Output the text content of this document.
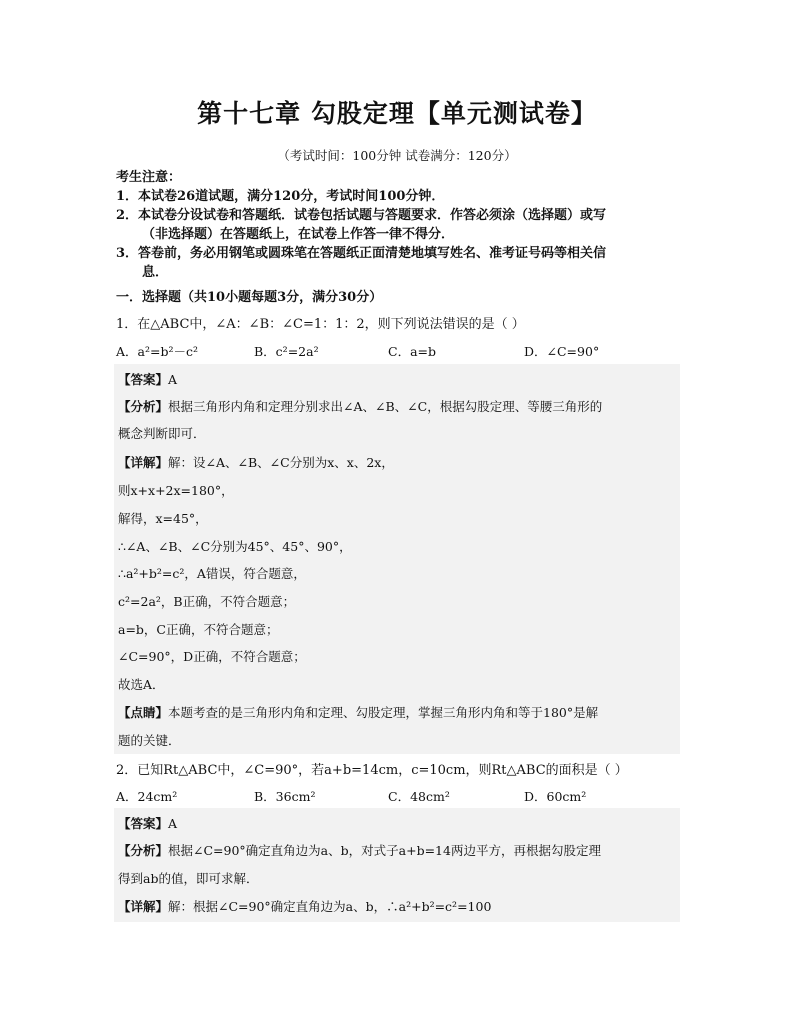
第十七章 勾股定理【单元测试卷】
（考试时间：100分钟 试卷满分：120分）
考生注意：
1．本试卷26道试题，满分120分，考试时间100分钟．
2．本试卷分设试卷和答题纸．试卷包括试题与答题要求．作答必须涂（选择题）或写
（非选择题）在答题纸上，在试卷上作答一律不得分．
3．答卷前，务必用钢笔或圆珠笔在答题纸正面清楚地填写姓名、准考证号码等相关信
息．
一．选择题（共10小题每题3分，满分30分）
1．在△ABC中，∠A：∠B：∠C=1：1：2，则下列说法错误的是（ ）
A．a²=b²－c²	B．c²=2a²	C．a=b	D．∠C=90°
【答案】A
【分析】根据三角形内角和定理分别求出∠A、∠B、∠C，根据勾股定理、等腰三角形的
概念判断即可．
【详解】解：设∠A、∠B、∠C分别为x、x、2x，
则x+x+2x=180°，
解得，x=45°，
∴∠A、∠B、∠C分别为45°、45°、90°，
∴a²+b²=c²，A错误，符合题意，
c²=2a²，B正确，不符合题意；
a=b，C正确，不符合题意；
∠C=90°，D正确，不符合题意；
故选A．
【点睛】本题考查的是三角形内角和定理、勾股定理，掌握三角形内角和等于180°是解
题的关键．
2．已知Rt△ABC中，∠C=90°，若a+b=14cm，c=10cm，则Rt△ABC的面积是（ ）
A．24cm²	B．36cm²	C．48cm²	D．60cm²
【答案】A
【分析】根据∠C=90°确定直角边为a、b，对式子a+b=14两边平方，再根据勾股定理
得到ab的值，即可求解．
【详解】解：根据∠C=90°确定直角边为a、b，∴a²+b²=c²=100
